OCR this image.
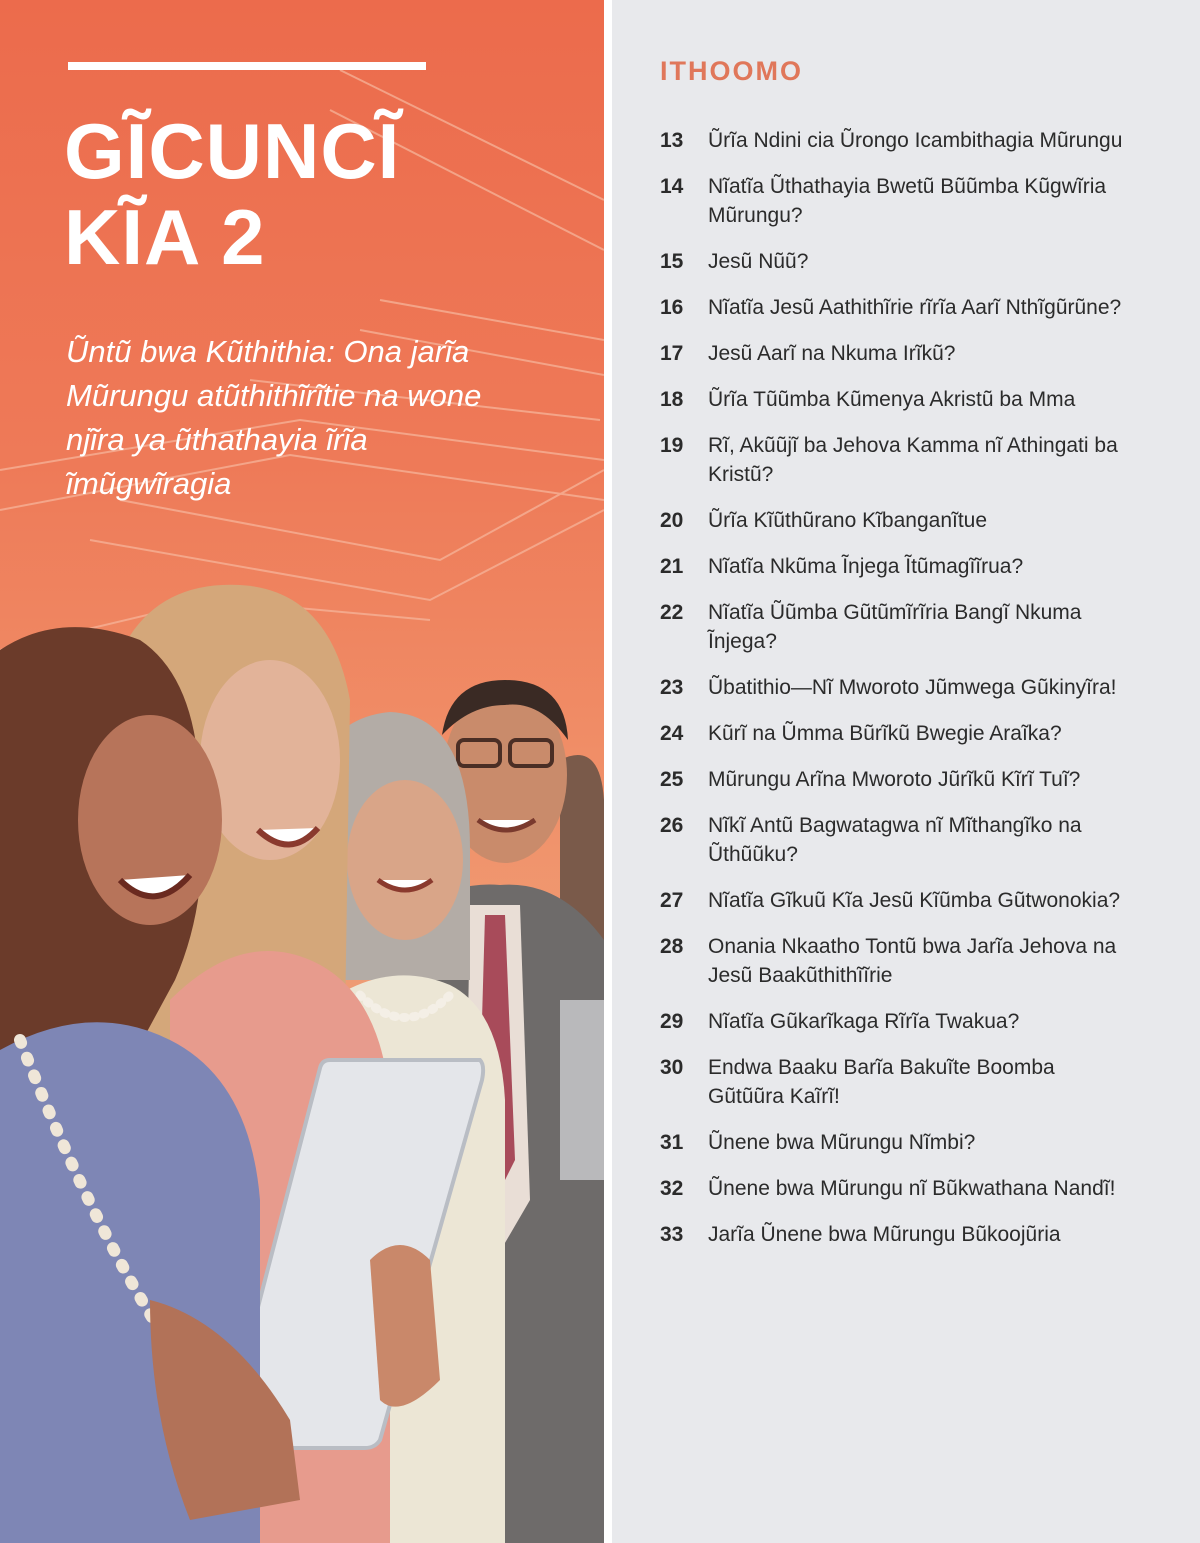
GĨCUNCĨ
KĨA 2

Ũntũ bwa Kũthithia: Ona jarĩa Mũrungu atũthithĩrĩtie na wone njĩra ya ũthathayia ĩrĩa ĩmũgwĩragia

ITHOOMO
13	Ũrĩa Ndini cia Ũrongo Icambithagia Mũrungu
14	Nĩatĩa Ũthathayia Bwetũ Bũũmba Kũgwĩria Mũrungu?
15	Jesũ Nũũ?
16	Nĩatĩa Jesũ Aathithĩrie rĩrĩa Aarĩ Nthĩgũrũne?
17	Jesũ Aarĩ na Nkuma Irĩkũ?
18	Ũrĩa Tũũmba Kũmenya Akristũ ba Mma
19	Rĩ, Akũũjĩ ba Jehova Kamma nĩ Athingati ba Kristũ?
20	Ũrĩa Kĩũthũrano Kĩbanganĩtue
21	Nĩatĩa Nkũma Ĩnjega Ĩtũmagĩĩrua?
22	Nĩatĩa Ũũmba Gũtũmĩrĩria Bangĩ Nkuma Ĩnjega?
23	Ũbatithio—Nĩ Mworoto Jũmwega Gũkinyĩra!
24	Kũrĩ na Ũmma Bũrĩkũ Bwegie Araĩka?
25	Mũrungu Arĩna Mworoto Jũrĩkũ Kĩrĩ Tuĩ?
26	Nĩkĩ Antũ Bagwatagwa nĩ Mĩthangĩko na Ũthũũku?
27	Nĩatĩa Gĩkuũ Kĩa Jesũ Kĩũmba Gũtwonokia?
28	Onania Nkaatho Tontũ bwa Jarĩa Jehova na Jesũ Baakũthithĩĩrie
29	Nĩatĩa Gũkarĩkaga Rĩrĩa Twakua?
30	Endwa Baaku Barĩa Bakuĩte Boomba Gũtũũra Kaĩrĩ!
31	Ũnene bwa Mũrungu Nĩmbi?
32	Ũnene bwa Mũrungu nĩ Bũkwathana Nandĩ!
33	Jarĩa Ũnene bwa Mũrungu Bũkoojũria
